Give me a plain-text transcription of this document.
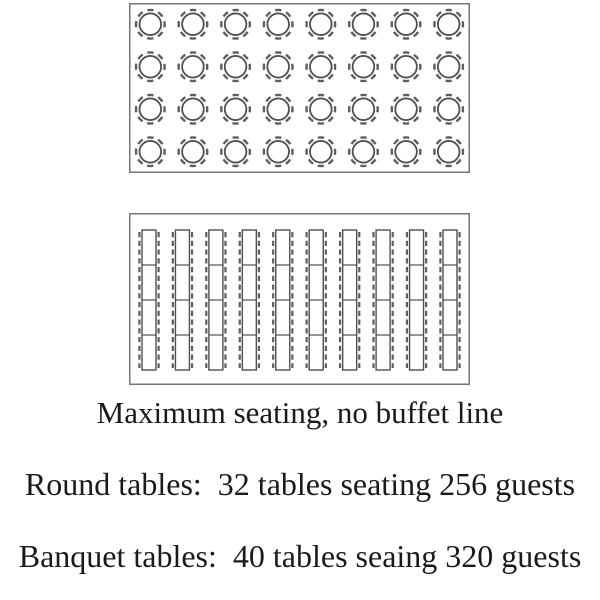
Maximum seating, no buffet line
Round tables:  32 tables seating 256 guests
Banquet tables:  40 tables seaing 320 guests
